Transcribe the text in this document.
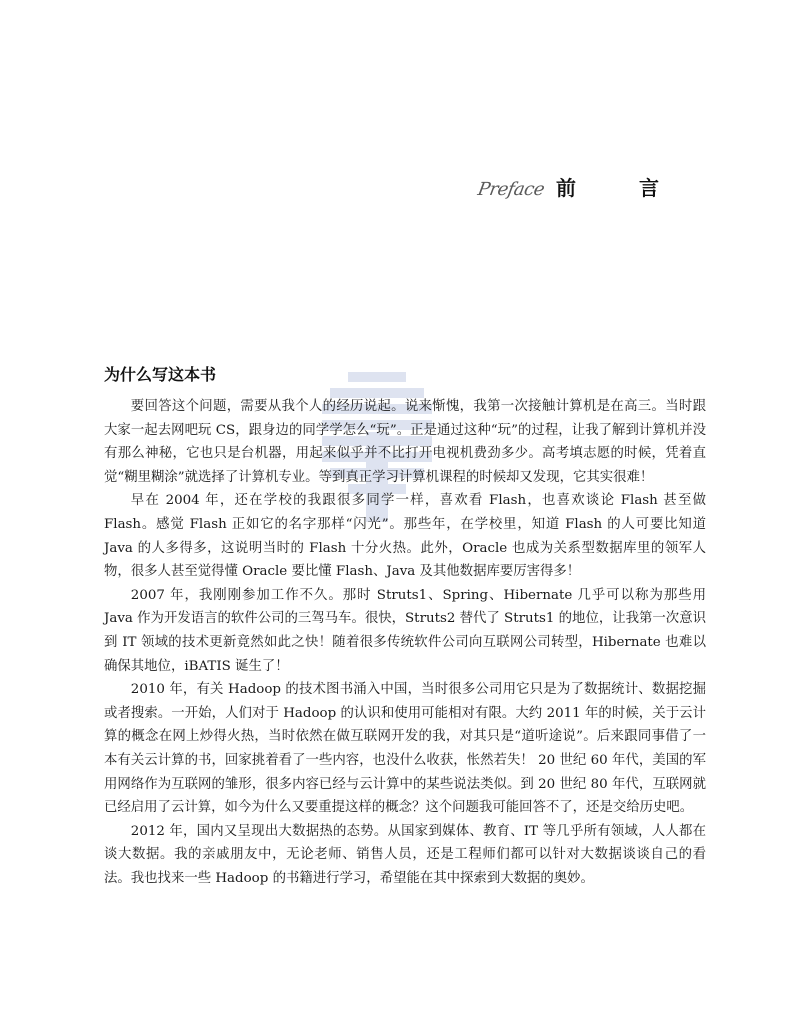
Preface 前 言
为什么写这本书

要回答这个问题，需要从我个人的经历说起。说来惭愧，我第一次接触计算机是在高三。当时跟大家一起去网吧玩 CS，跟身边的同学学怎么“玩”。正是通过这种“玩”的过程，让我了解到计算机并没有那么神秘，它也只是台机器，用起来似乎并不比打开电视机费劲多少。高考填志愿的时候，凭着直觉“糊里糊涂”就选择了计算机专业。等到真正学习计算机课程的时候却又发现，它其实很难！

早在 2004 年，还在学校的我跟很多同学一样，喜欢看 Flash，也喜欢谈论 Flash 甚至做 Flash。感觉 Flash 正如它的名字那样“闪光”。那些年，在学校里，知道 Flash 的人可要比知道 Java 的人多得多，这说明当时的 Flash 十分火热。此外，Oracle 也成为关系型数据库里的领军人物，很多人甚至觉得懂 Oracle 要比懂 Flash、Java 及其他数据库要厉害得多！

2007 年，我刚刚参加工作不久。那时 Struts1、Spring、Hibernate 几乎可以称为那些用 Java 作为开发语言的软件公司的三驾马车。很快，Struts2 替代了 Struts1 的地位，让我第一次意识到 IT 领域的技术更新竟然如此之快！随着很多传统软件公司向互联网公司转型，Hibernate 也难以确保其地位，iBATIS 诞生了！

2010 年，有关 Hadoop 的技术图书涌入中国，当时很多公司用它只是为了数据统计、数据挖掘或者搜索。一开始，人们对于 Hadoop 的认识和使用可能相对有限。大约 2011 年的时候，关于云计算的概念在网上炒得火热，当时依然在做互联网开发的我，对其只是“道听途说”。后来跟同事借了一本有关云计算的书，回家挑着看了一些内容，也没什么收获，怅然若失！ 20 世纪 60 年代，美国的军用网络作为互联网的雏形，很多内容已经与云计算中的某些说法类似。到 20 世纪 80 年代，互联网就已经启用了云计算，如今为什么又要重提这样的概念？这个问题我可能回答不了，还是交给历史吧。

2012 年，国内又呈现出大数据热的态势。从国家到媒体、教育、IT 等几乎所有领域，人人都在谈大数据。我的亲戚朋友中，无论老师、销售人员，还是工程师们都可以针对大数据谈谈自己的看法。我也找来一些 Hadoop 的书籍进行学习，希望能在其中探索到大数据的奥妙。
